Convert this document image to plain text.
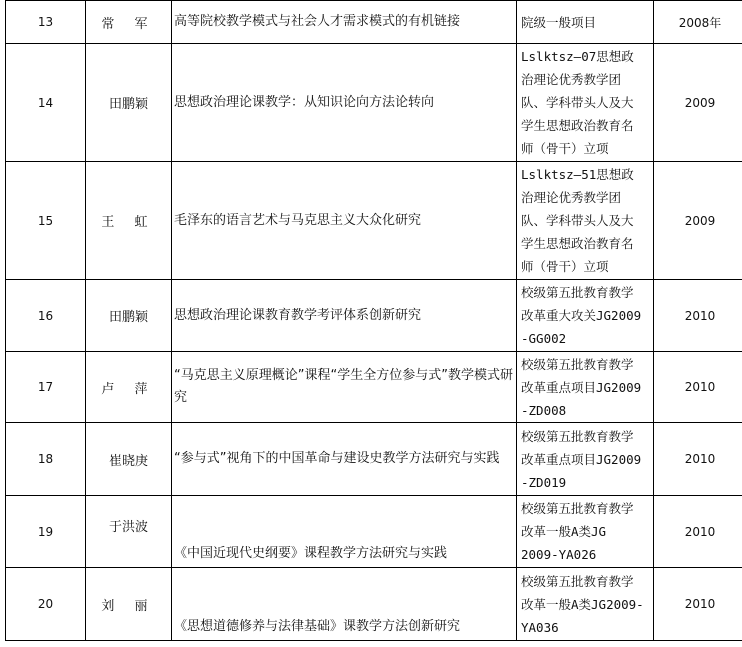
13	常 军	高等院校教学模式与社会人才需求模式的有机链接	院级一般项目	2008年
14	田鹏颖	思想政治理论课教学：从知识论向方法论转向	Lslktsz—07思想政
治理论优秀教学团
队、学科带头人及大
学生思想政治教育名
师（骨干）立项	2009
15	王 虹	毛泽东的语言艺术与马克思主义大众化研究	Lslktsz—51思想政
治理论优秀教学团
队、学科带头人及大
学生思想政治教育名
师（骨干）立项	2009
16	田鹏颖	思想政治理论课教育教学考评体系创新研究	校级第五批教育教学
改革重大攻关JG2009
-GG002	2010
17	卢 萍	“马克思主义原理概论”课程“学生全方位参与式”教学模式研究	校级第五批教育教学
改革重点项目JG2009
-ZD008	2010
18	崔晓庚	“参与式”视角下的中国革命与建设史教学方法研究与实践	校级第五批教育教学
改革重点项目JG2009
-ZD019	2010
19	于洪波	《中国近现代史纲要》课程教学方法研究与实践	校级第五批教育教学
改革一般A类JG
2009-YA026	2010
20	刘 丽	《思想道德修养与法律基础》课教学方法创新研究	校级第五批教育教学
改革一般A类JG2009-
YA036	2010
